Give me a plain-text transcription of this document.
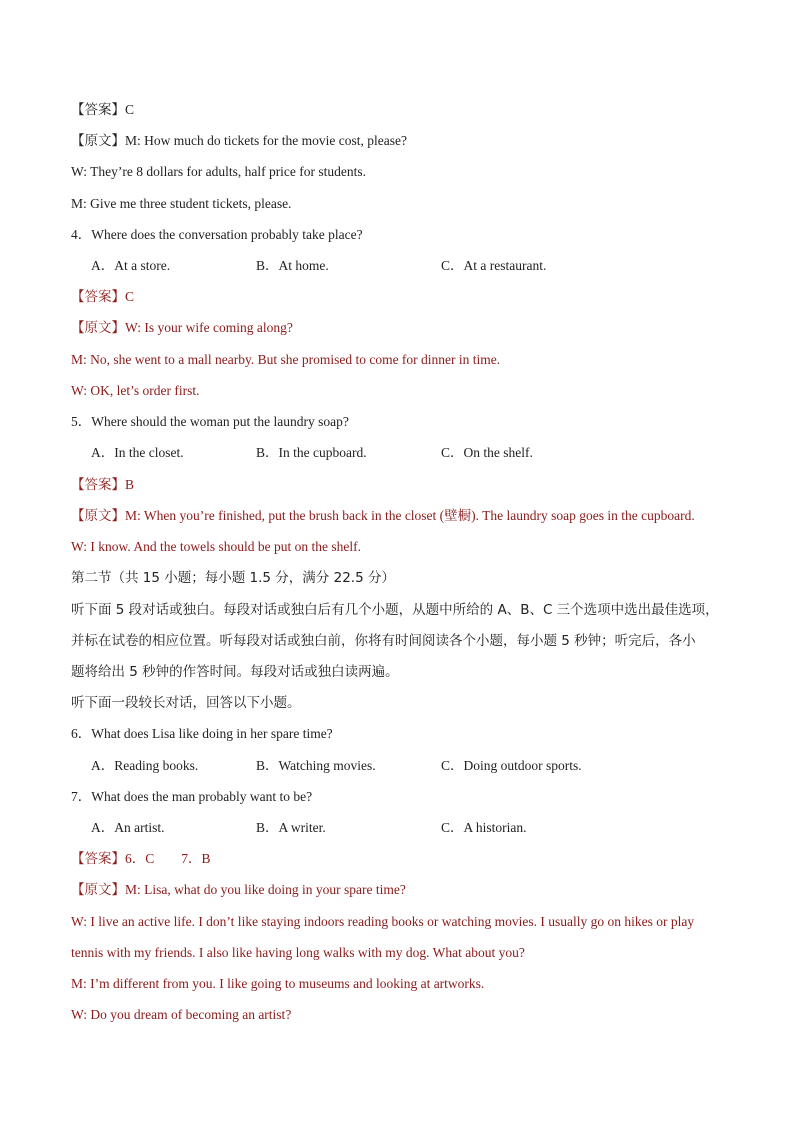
【答案】C
【原文】M: How much do tickets for the movie cost, please?
W: They’re 8 dollars for adults, half price for students.
M: Give me three student tickets, please.
4．Where does the conversation probably take place?
A．At a store.	B．At home.	C．At a restaurant.
【答案】C
【原文】W: Is your wife coming along?
M: No, she went to a mall nearby. But she promised to come for dinner in time.
W: OK, let’s order first.
5．Where should the woman put the laundry soap?
A．In the closet.	B．In the cupboard.	C．On the shelf.
【答案】B
【原文】M: When you’re finished, put the brush back in the closet (壁橱). The laundry soap goes in the cupboard.
W: I know. And the towels should be put on the shelf.
第二节（共 15 小题；每小题 1.5 分，满分 22.5 分）
听下面 5 段对话或独白。每段对话或独白后有几个小题，从题中所给的 A、B、C 三个选项中选出最佳选项，
并标在试卷的相应位置。听每段对话或独白前，你将有时间阅读各个小题，每小题 5 秒钟；听完后，各小
题将给出 5 秒钟的作答时间。每段对话或独白读两遍。
听下面一段较长对话，回答以下小题。
6．What does Lisa like doing in her spare time?
A．Reading books.	B．Watching movies.	C．Doing outdoor sports.
7．What does the man probably want to be?
A．An artist.	B．A writer.	C．A historian.
【答案】6．C　　7．B
【原文】M: Lisa, what do you like doing in your spare time?
W: I live an active life. I don’t like staying indoors reading books or watching movies. I usually go on hikes or play
tennis with my friends. I also like having long walks with my dog. What about you?
M: I’m different from you. I like going to museums and looking at artworks.
W: Do you dream of becoming an artist?
